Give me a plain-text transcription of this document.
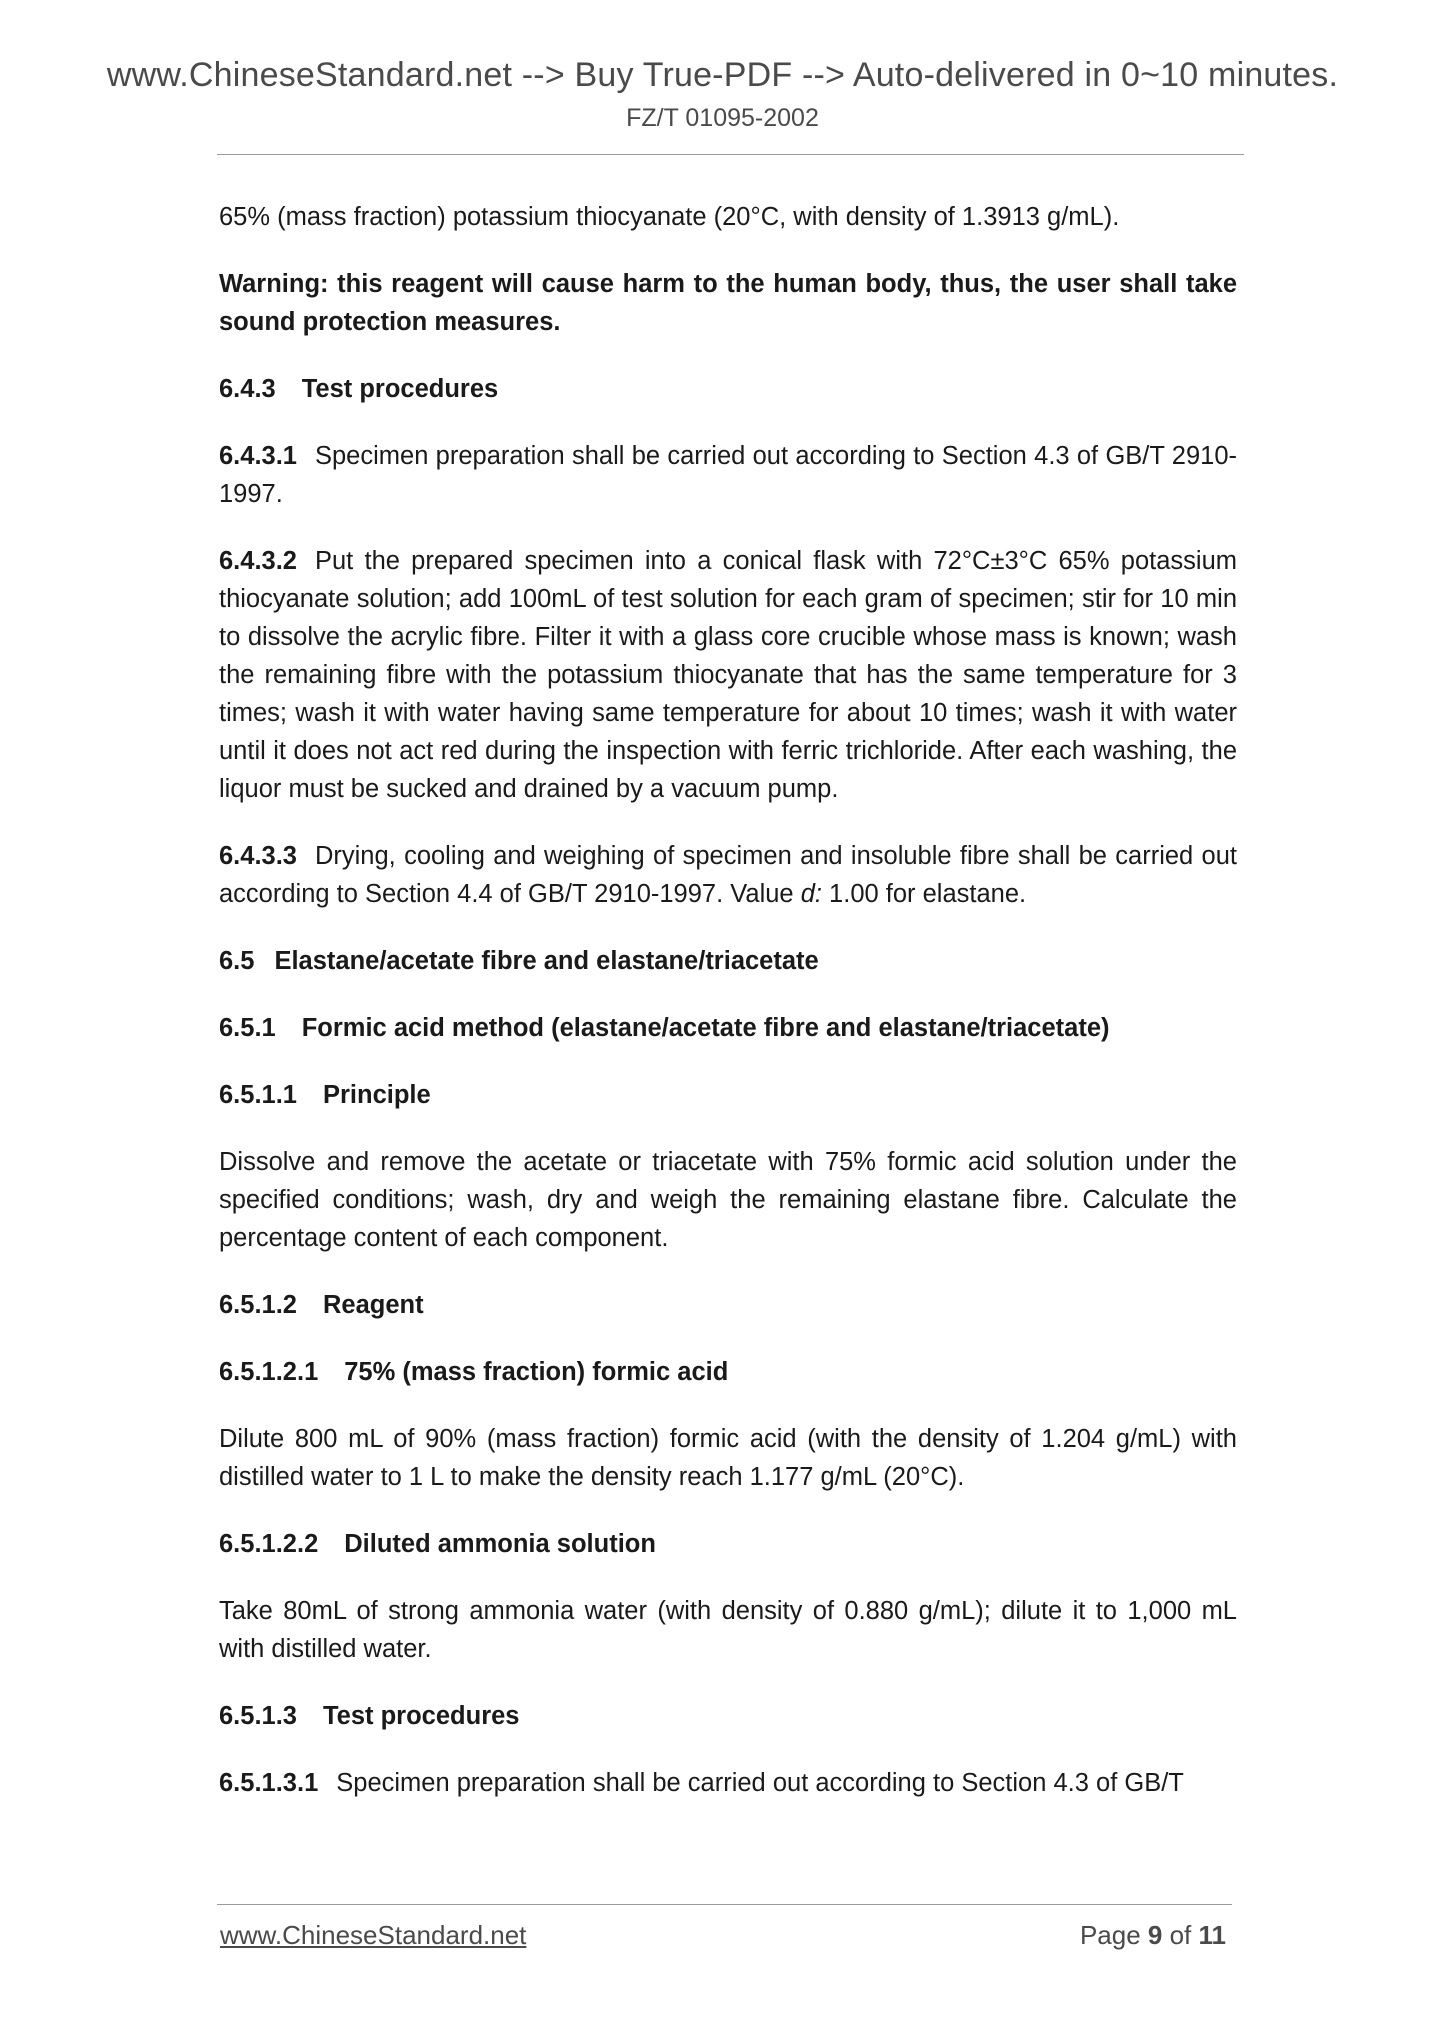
www.ChineseStandard.net --> Buy True-PDF --> Auto-delivered in 0~10 minutes.
FZ/T 01095-2002

65% (mass fraction) potassium thiocyanate (20°C, with density of 1.3913 g/mL).

Warning: this reagent will cause harm to the human body, thus, the user shall take sound protection measures.

6.4.3 Test procedures

6.4.3.1 Specimen preparation shall be carried out according to Section 4.3 of GB/T 2910-1997.

6.4.3.2 Put the prepared specimen into a conical flask with 72°C±3°C 65% potassium thiocyanate solution; add 100mL of test solution for each gram of specimen; stir for 10 min to dissolve the acrylic fibre. Filter it with a glass core crucible whose mass is known; wash the remaining fibre with the potassium thiocyanate that has the same temperature for 3 times; wash it with water having same temperature for about 10 times; wash it with water until it does not act red during the inspection with ferric trichloride. After each washing, the liquor must be sucked and drained by a vacuum pump.

6.4.3.3 Drying, cooling and weighing of specimen and insoluble fibre shall be carried out according to Section 4.4 of GB/T 2910-1997. Value d: 1.00 for elastane.

6.5 Elastane/acetate fibre and elastane/triacetate
6.5.1 Formic acid method (elastane/acetate fibre and elastane/triacetate)
6.5.1.1 Principle

Dissolve and remove the acetate or triacetate with 75% formic acid solution under the specified conditions; wash, dry and weigh the remaining elastane fibre. Calculate the percentage content of each component.

6.5.1.2 Reagent
6.5.1.2.1 75% (mass fraction) formic acid

Dilute 800 mL of 90% (mass fraction) formic acid (with the density of 1.204 g/mL) with distilled water to 1 L to make the density reach 1.177 g/mL (20°C).

6.5.1.2.2 Diluted ammonia solution

Take 80mL of strong ammonia water (with density of 0.880 g/mL); dilute it to 1,000 mL with distilled water.

6.5.1.3 Test procedures

6.5.1.3.1 Specimen preparation shall be carried out according to Section 4.3 of GB/T

www.ChineseStandard.net	Page 9 of 11
